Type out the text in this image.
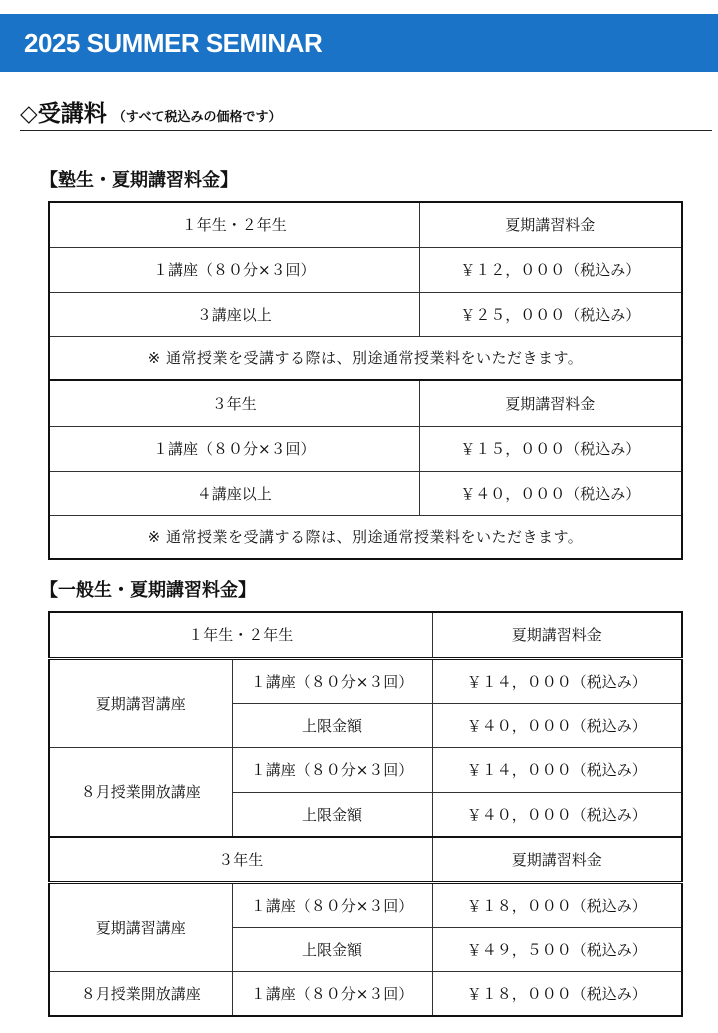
2025 SUMMER SEMINAR
◇受講料 （すべて税込みの価格です）
【塾生・夏期講習料金】
１年生・２年生	夏期講習料金
１講座（８０分×３回）	￥１２，０００（税込み）
３講座以上	￥２５，０００（税込み）
※ 通常授業を受講する際は、別途通常授業料をいただきます。	
３年生	夏期講習料金
１講座（８０分×３回）	￥１５，０００（税込み）
４講座以上	￥４０，０００（税込み）
※ 通常授業を受講する際は、別途通常授業料をいただきます。	
【一般生・夏期講習料金】
１年生・２年生		夏期講習料金
夏期講習講座	１講座（８０分×３回）	￥１４，０００（税込み）
	上限金額	￥４０，０００（税込み）
８月授業開放講座	１講座（８０分×３回）	￥１４，０００（税込み）
	上限金額	￥４０，０００（税込み）
３年生		夏期講習料金
夏期講習講座	１講座（８０分×３回）	￥１８，０００（税込み）
	上限金額	￥４９，５００（税込み）
８月授業開放講座	１講座（８０分×３回）	￥１８，０００（税込み）
